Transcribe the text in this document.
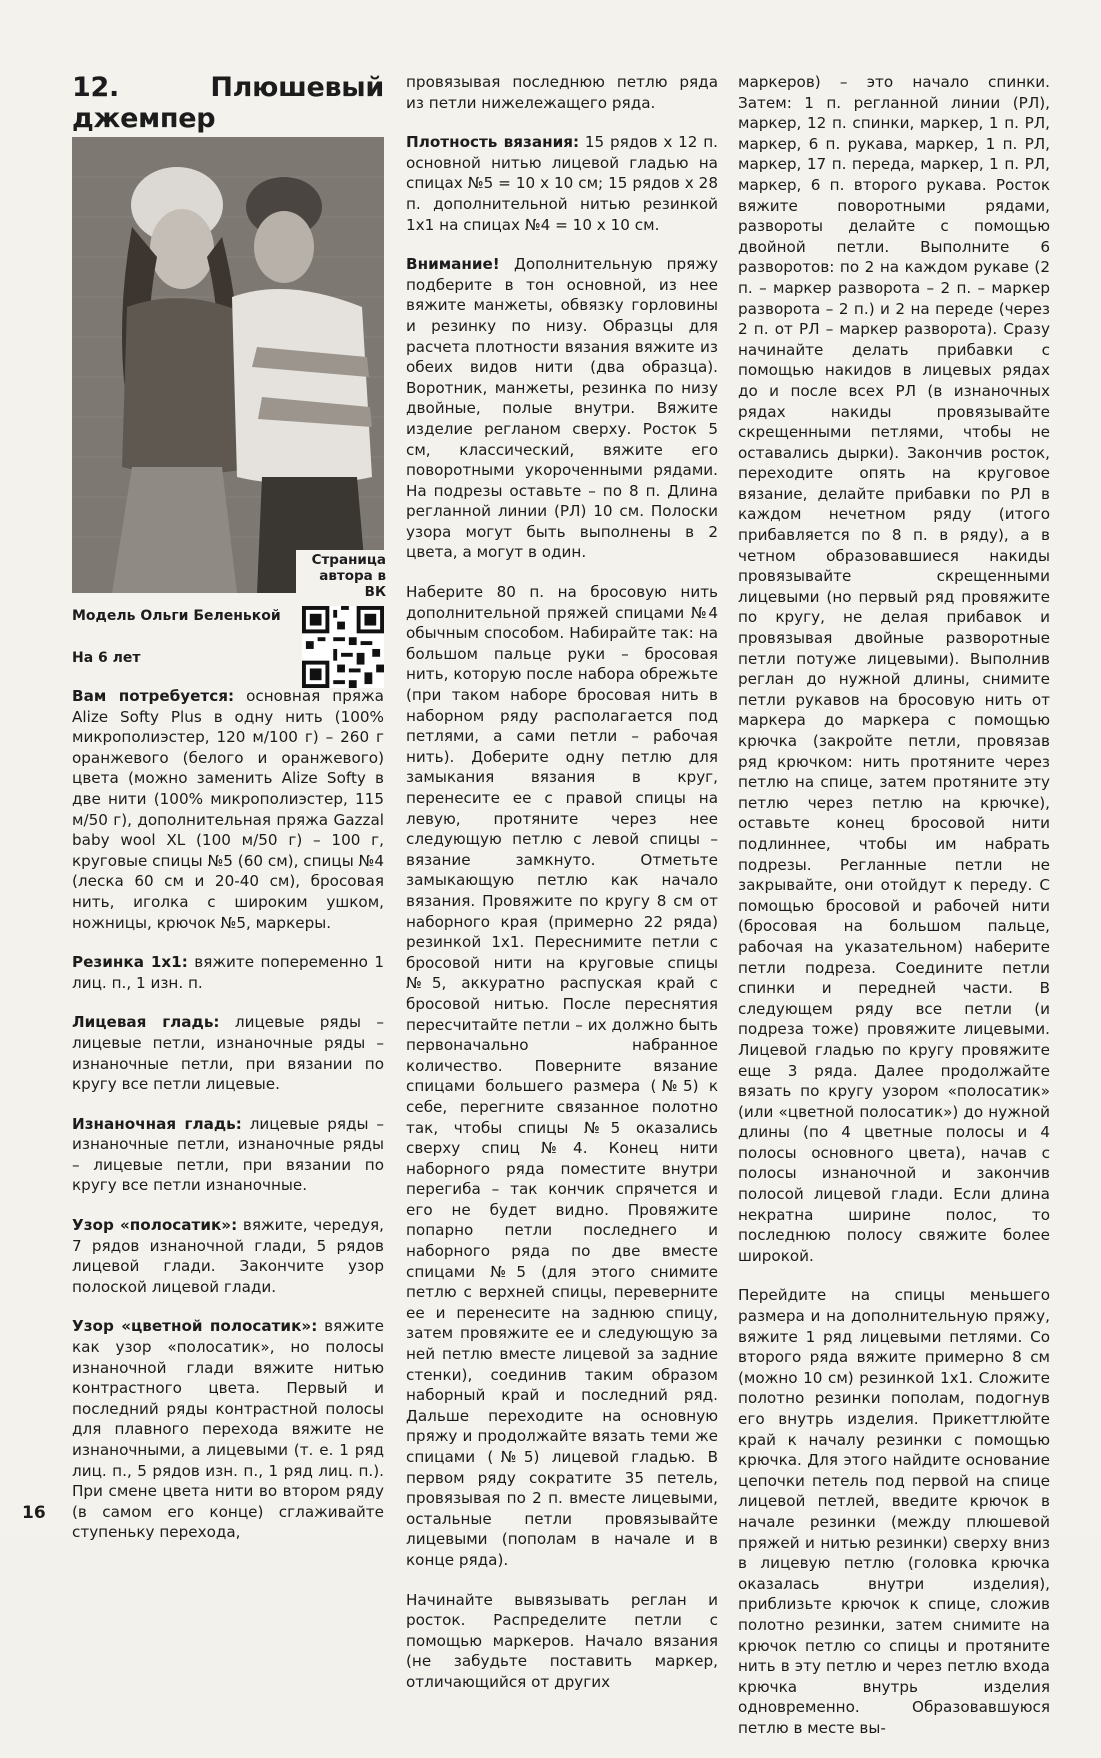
12. Плюшевый джемпер
Страница автора в ВК
Модель Ольги Беленькой
На 6 лет

Вам потребуется: основная пряжа Alize Softy Plus в одну нить (100% микрополиэстер, 120 м/100 г) – 260 г оранжевого (белого и оранжевого) цвета (можно заменить Alize Softy в две нити (100% микрополиэстер, 115 м/50 г), дополнительная пряжа Gazzal baby wool XL (100 м/50 г) – 100 г, круговые спицы №5 (60 см), спицы №4 (леска 60 см и 20-40 см), бросовая нить, иголка с широким ушком, ножницы, крючок №5, маркеры.

Резинка 1х1: вяжите попеременно 1 лиц. п., 1 изн. п.

Лицевая гладь: лицевые ряды – лицевые петли, изнаночные ряды – изнаночные петли, при вязании по кругу все петли лицевые.

Изнаночная гладь: лицевые ряды – изнаночные петли, изнаночные ряды – лицевые петли, при вязании по кругу все петли изнаночные.

Узор «полосатик»: вяжите, чередуя, 7 рядов изнаночной глади, 5 рядов лицевой глади. Закончите узор полоской лицевой глади.

Узор «цветной полосатик»: вяжите как узор «полосатик», но полосы изнаночной глади вяжите нитью контрастного цвета. Первый и последний ряды контрастной полосы для плавного перехода вяжите не изнаночными, а лицевыми (т. е. 1 ряд лиц. п., 5 рядов изн. п., 1 ряд лиц. п.). При смене цвета нити во втором ряду (в самом его конце) сглаживайте ступеньку перехода,

провязывая последнюю петлю ряда из петли нижележащего ряда.

Плотность вязания: 15 рядов х 12 п. основной нитью лицевой гладью на спицах №5 = 10 х 10 см; 15 рядов х 28 п. дополнительной нитью резинкой 1х1 на спицах №4 = 10 х 10 см.

Внимание! Дополнительную пряжу подберите в тон основной, из нее вяжите манжеты, обвязку горловины и резинку по низу. Образцы для расчета плотности вязания вяжите из обеих видов нити (два образца). Воротник, манжеты, резинка по низу двойные, полые внутри. Вяжите изделие регланом сверху. Росток 5 см, классический, вяжите его поворотными укороченными рядами. На подрезы оставьте – по 8 п. Длина регланной линии (РЛ) 10 см. Полоски узора могут быть выполнены в 2 цвета, а могут в один.

Наберите 80 п. на бросовую нить дополнительной пряжей спицами №4 обычным способом. Набирайте так: на большом пальце руки – бросовая нить, которую после набора обрежьте (при таком наборе бросовая нить в наборном ряду располагается под петлями, а сами петли – рабочая нить). Доберите одну петлю для замыкания вязания в круг, перенесите ее с правой спицы на левую, протяните через нее следующую петлю с левой спицы – вязание замкнуто. Отметьте замыкающую петлю как начало вязания. Провяжите по кругу 8 см от наборного края (примерно 22 ряда) резинкой 1х1. Переснимите петли с бросовой нити на круговые спицы №5, аккуратно распуская край с бросовой нитью. После переснятия пересчитайте петли – их должно быть первоначально набранное количество. Поверните вязание спицами большего размера (№5) к себе, перегните связанное полотно так, чтобы спицы №5 оказались сверху спиц №4. Конец нити наборного ряда поместите внутри перегиба – так кончик спрячется и его не будет видно. Провяжите попарно петли последнего и наборного ряда по две вместе спицами №5 (для этого снимите петлю с верхней спицы, переверните ее и перенесите на заднюю спицу, затем провяжите ее и следующую за ней петлю вместе лицевой за задние стенки), соединив таким образом наборный край и последний ряд. Дальше переходите на основную пряжу и продолжайте вязать теми же спицами (№5) лицевой гладью. В первом ряду сократите 35 петель, провязывая по 2 п. вместе лицевыми, остальные петли провязывайте лицевыми (пополам в начале и в конце ряда).

Начинайте вывязывать реглан и росток. Распределите петли с помощью маркеров. Начало вязания (не забудьте поставить маркер, отличающийся от других

маркеров) – это начало спинки. Затем: 1 п. регланной линии (РЛ), маркер, 12 п. спинки, маркер, 1 п. РЛ, маркер, 6 п. рукава, маркер, 1 п. РЛ, маркер, 17 п. переда, маркер, 1 п. РЛ, маркер, 6 п. второго рукава. Росток вяжите поворотными рядами, развороты делайте с помощью двойной петли. Выполните 6 разворотов: по 2 на каждом рукаве (2 п. – маркер разворота – 2 п. – маркер разворота – 2 п.) и 2 на переде (через 2 п. от РЛ – маркер разворота). Сразу начинайте делать прибавки с помощью накидов в лицевых рядах до и после всех РЛ (в изнаночных рядах накиды провязывайте скрещенными петлями, чтобы не оставались дырки). Закончив росток, переходите опять на круговое вязание, делайте прибавки по РЛ в каждом нечетном ряду (итого прибавляется по 8 п. в ряду), а в четном образовавшиеся накиды провязывайте скрещенными лицевыми (но первый ряд провяжите по кругу, не делая прибавок и провязывая двойные разворотные петли потуже лицевыми). Выполнив реглан до нужной длины, снимите петли рукавов на бросовую нить от маркера до маркера с помощью крючка (закройте петли, провязав ряд крючком: нить протяните через петлю на спице, затем протяните эту петлю через петлю на крючке), оставьте конец бросовой нити подлиннее, чтобы им набрать подрезы. Регланные петли не закрывайте, они отойдут к переду. С помощью бросовой и рабочей нити (бросовая на большом пальце, рабочая на указательном) наберите петли подреза. Соедините петли спинки и передней части. В следующем ряду все петли (и подреза тоже) провяжите лицевыми. Лицевой гладью по кругу провяжите еще 3 ряда. Далее продолжайте вязать по кругу узором «полосатик» (или «цветной полосатик») до нужной длины (по 4 цветные полосы и 4 полосы основного цвета), начав с полосы изнаночной и закончив полосой лицевой глади. Если длина некратна ширине полос, то последнюю полосу свяжите более широкой.

Перейдите на спицы меньшего размера и на дополнительную пряжу, вяжите 1 ряд лицевыми петлями. Со второго ряда вяжите примерно 8 см (можно 10 см) резинкой 1х1. Сложите полотно резинки пополам, подогнув его внутрь изделия. Прикеттлюйте край к началу резинки с помощью крючка. Для этого найдите основание цепочки петель под первой на спице лицевой петлей, введите крючок в начале резинки (между плюшевой пряжей и нитью резинки) сверху вниз в лицевую петлю (головка крючка оказалась внутри изделия), приблизьте крючок к спице, сложив полотно резинки, затем снимите на крючок петлю со спицы и протяните нить в эту петлю и через петлю входа крючка внутрь изделия одновременно. Образовавшуюся петлю в месте вы-

16
